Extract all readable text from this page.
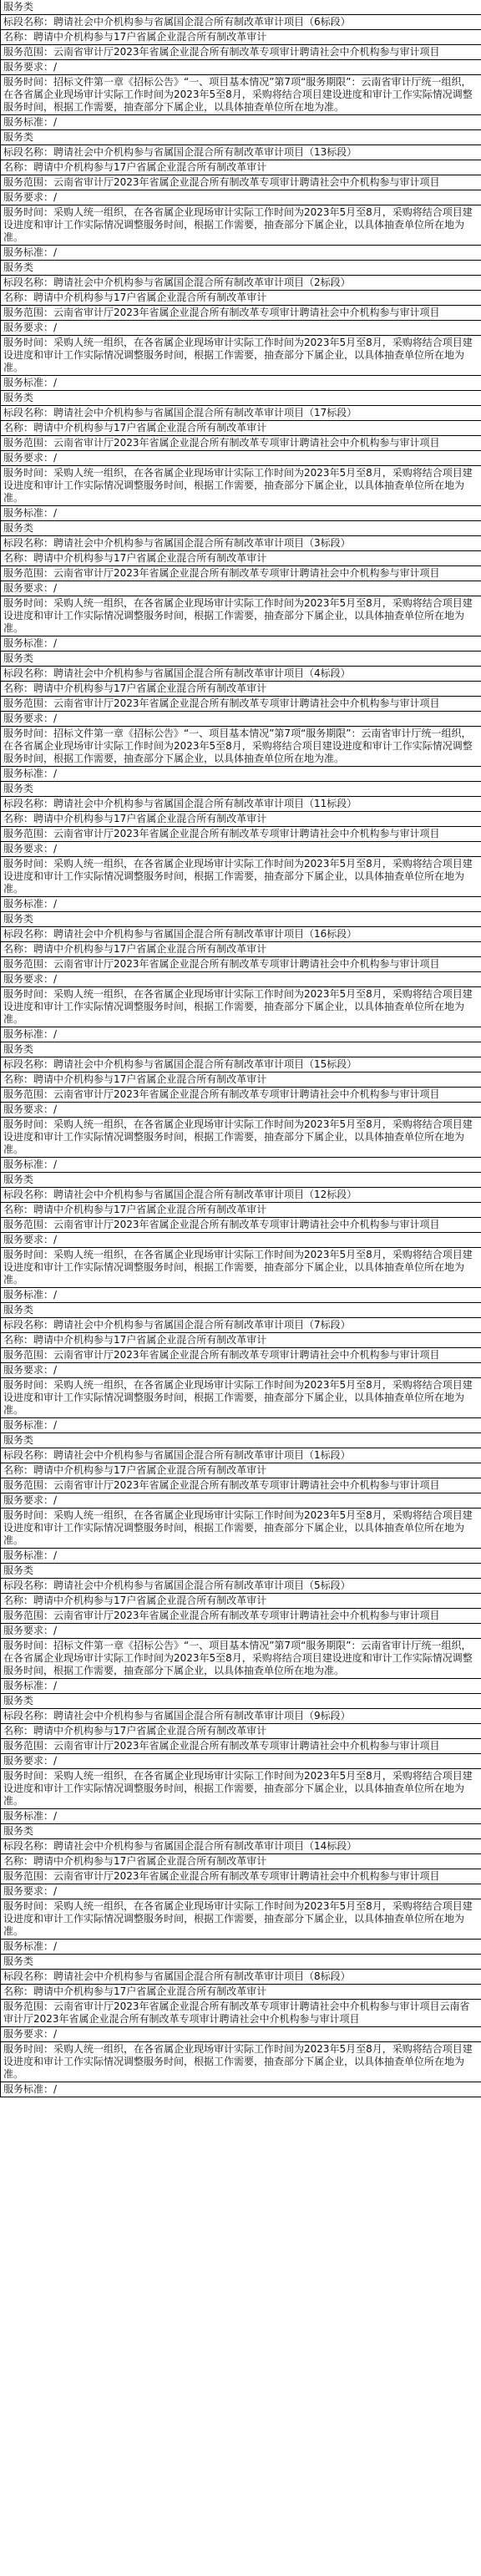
服务类
标段名称：聘请社会中介机构参与省属国企混合所有制改革审计项目（6标段）
名称：聘请中介机构参与17户省属企业混合所有制改革审计
服务范围：云南省审计厅2023年省属企业混合所有制改革专项审计聘请社会中介机构参与审计项目
服务要求：/
服务时间：招标文件第一章《招标公告》“一、项目基本情况”第7项“服务期限”：云南省审计厅统一组织，在各省属企业现场审计实际工作时间为2023年5至8月，采购将结合项目建设进度和审计工作实际情况调整服务时间，根据工作需要，抽查部分下属企业，以具体抽查单位所在地为准。
服务标准：/
服务类
标段名称：聘请社会中介机构参与省属国企混合所有制改革审计项目（13标段）
名称：聘请中介机构参与17户省属企业混合所有制改革审计
服务范围：云南省审计厅2023年省属企业混合所有制改革专项审计聘请社会中介机构参与审计项目
服务要求：/
服务时间：采购人统一组织，在各省属企业现场审计实际工作时间为2023年5月至8月，采购将结合项目建设进度和审计工作实际情况调整服务时间，根据工作需要，抽查部分下属企业，以具体抽查单位所在地为准。
服务标准：/
服务类
标段名称：聘请社会中介机构参与省属国企混合所有制改革审计项目（2标段）
名称：聘请中介机构参与17户省属企业混合所有制改革审计
服务范围：云南省审计厅2023年省属企业混合所有制改革专项审计聘请社会中介机构参与审计项目
服务要求：/
服务时间：采购人统一组织，在各省属企业现场审计实际工作时间为2023年5月至8月，采购将结合项目建设进度和审计工作实际情况调整服务时间，根据工作需要，抽查部分下属企业，以具体抽查单位所在地为准。
服务标准：/
服务类
标段名称：聘请社会中介机构参与省属国企混合所有制改革审计项目（17标段）
名称：聘请中介机构参与17户省属企业混合所有制改革审计
服务范围：云南省审计厅2023年省属企业混合所有制改革专项审计聘请社会中介机构参与审计项目
服务要求：/
服务时间：采购人统一组织，在各省属企业现场审计实际工作时间为2023年5月至8月，采购将结合项目建设进度和审计工作实际情况调整服务时间，根据工作需要，抽查部分下属企业，以具体抽查单位所在地为准。
服务标准：/
服务类
标段名称：聘请社会中介机构参与省属国企混合所有制改革审计项目（3标段）
名称：聘请中介机构参与17户省属企业混合所有制改革审计
服务范围：云南省审计厅2023年省属企业混合所有制改革专项审计聘请社会中介机构参与审计项目
服务要求：/
服务时间：采购人统一组织，在各省属企业现场审计实际工作时间为2023年5月至8月，采购将结合项目建设进度和审计工作实际情况调整服务时间，根据工作需要，抽查部分下属企业，以具体抽查单位所在地为准。
服务标准：/
服务类
标段名称：聘请社会中介机构参与省属国企混合所有制改革审计项目（4标段）
名称：聘请中介机构参与17户省属企业混合所有制改革审计
服务范围：云南省审计厅2023年省属企业混合所有制改革专项审计聘请社会中介机构参与审计项目
服务要求：/
服务时间：招标文件第一章《招标公告》“一、项目基本情况”第7项“服务期限”：云南省审计厅统一组织，在各省属企业现场审计实际工作时间为2023年5至8月，采购将结合项目建设进度和审计工作实际情况调整服务时间，根据工作需要，抽查部分下属企业，以具体抽查单位所在地为准。
服务标准：/
服务类
标段名称：聘请社会中介机构参与省属国企混合所有制改革审计项目（11标段）
名称：聘请中介机构参与17户省属企业混合所有制改革审计
服务范围：云南省审计厅2023年省属企业混合所有制改革专项审计聘请社会中介机构参与审计项目
服务要求：/
服务时间：采购人统一组织，在各省属企业现场审计实际工作时间为2023年5月至8月，采购将结合项目建设进度和审计工作实际情况调整服务时间，根据工作需要，抽查部分下属企业，以具体抽查单位所在地为准。
服务标准：/
服务类
标段名称：聘请社会中介机构参与省属国企混合所有制改革审计项目（16标段）
名称：聘请中介机构参与17户省属企业混合所有制改革审计
服务范围：云南省审计厅2023年省属企业混合所有制改革专项审计聘请社会中介机构参与审计项目
服务要求：/
服务时间：采购人统一组织，在各省属企业现场审计实际工作时间为2023年5月至8月，采购将结合项目建设进度和审计工作实际情况调整服务时间，根据工作需要，抽查部分下属企业，以具体抽查单位所在地为准。
服务标准：/
服务类
标段名称：聘请社会中介机构参与省属国企混合所有制改革审计项目（15标段）
名称：聘请中介机构参与17户省属企业混合所有制改革审计
服务范围：云南省审计厅2023年省属企业混合所有制改革专项审计聘请社会中介机构参与审计项目
服务要求：/
服务时间：采购人统一组织，在各省属企业现场审计实际工作时间为2023年5月至8月，采购将结合项目建设进度和审计工作实际情况调整服务时间，根据工作需要，抽查部分下属企业，以具体抽查单位所在地为准。
服务标准：/
服务类
标段名称：聘请社会中介机构参与省属国企混合所有制改革审计项目（12标段）
名称：聘请中介机构参与17户省属企业混合所有制改革审计
服务范围：云南省审计厅2023年省属企业混合所有制改革专项审计聘请社会中介机构参与审计项目
服务要求：/
服务时间：采购人统一组织，在各省属企业现场审计实际工作时间为2023年5月至8月，采购将结合项目建设进度和审计工作实际情况调整服务时间，根据工作需要，抽查部分下属企业，以具体抽查单位所在地为准。
服务标准：/
服务类
标段名称：聘请社会中介机构参与省属国企混合所有制改革审计项目（7标段）
名称：聘请中介机构参与17户省属企业混合所有制改革审计
服务范围：云南省审计厅2023年省属企业混合所有制改革专项审计聘请社会中介机构参与审计项目
服务要求：/
服务时间：采购人统一组织，在各省属企业现场审计实际工作时间为2023年5月至8月，采购将结合项目建设进度和审计工作实际情况调整服务时间，根据工作需要，抽查部分下属企业，以具体抽查单位所在地为准。
服务标准：/
服务类
标段名称：聘请社会中介机构参与省属国企混合所有制改革审计项目（1标段）
名称：聘请中介机构参与17户省属企业混合所有制改革审计
服务范围：云南省审计厅2023年省属企业混合所有制改革专项审计聘请社会中介机构参与审计项目
服务要求：/
服务时间：采购人统一组织，在各省属企业现场审计实际工作时间为2023年5月至8月，采购将结合项目建设进度和审计工作实际情况调整服务时间，根据工作需要，抽查部分下属企业，以具体抽查单位所在地为准。
服务标准：/
服务类
标段名称：聘请社会中介机构参与省属国企混合所有制改革审计项目（5标段）
名称：聘请中介机构参与17户省属企业混合所有制改革审计
服务范围：云南省审计厅2023年省属企业混合所有制改革专项审计聘请社会中介机构参与审计项目
服务要求：/
服务时间：招标文件第一章《招标公告》“一、项目基本情况”第7项“服务期限”：云南省审计厅统一组织，在各省属企业现场审计实际工作时间为2023年5至8月，采购将结合项目建设进度和审计工作实际情况调整服务时间，根据工作需要，抽查部分下属企业，以具体抽查单位所在地为准。
服务标准：/
服务类
标段名称：聘请社会中介机构参与省属国企混合所有制改革审计项目（9标段）
名称：聘请中介机构参与17户省属企业混合所有制改革审计
服务范围：云南省审计厅2023年省属企业混合所有制改革专项审计聘请社会中介机构参与审计项目
服务要求：/
服务时间：采购人统一组织，在各省属企业现场审计实际工作时间为2023年5月至8月，采购将结合项目建设进度和审计工作实际情况调整服务时间，根据工作需要，抽查部分下属企业，以具体抽查单位所在地为准。
服务标准：/
服务类
标段名称：聘请社会中介机构参与省属国企混合所有制改革审计项目（14标段）
名称：聘请中介机构参与17户省属企业混合所有制改革审计
服务范围：云南省审计厅2023年省属企业混合所有制改革专项审计聘请社会中介机构参与审计项目
服务要求：/
服务时间：采购人统一组织，在各省属企业现场审计实际工作时间为2023年5月至8月，采购将结合项目建设进度和审计工作实际情况调整服务时间，根据工作需要，抽查部分下属企业，以具体抽查单位所在地为准。
服务标准：/
服务类
标段名称：聘请社会中介机构参与省属国企混合所有制改革审计项目（8标段）
名称：聘请中介机构参与17户省属企业混合所有制改革审计
服务范围：云南省审计厅2023年省属企业混合所有制改革专项审计聘请社会中介机构参与审计项目云南省审计厅2023年省属企业混合所有制改革专项审计聘请社会中介机构参与审计项目
服务要求：/
服务时间：采购人统一组织，在各省属企业现场审计实际工作时间为2023年5月至8月，采购将结合项目建设进度和审计工作实际情况调整服务时间，根据工作需要，抽查部分下属企业，以具体抽查单位所在地为准。
服务标准：/
